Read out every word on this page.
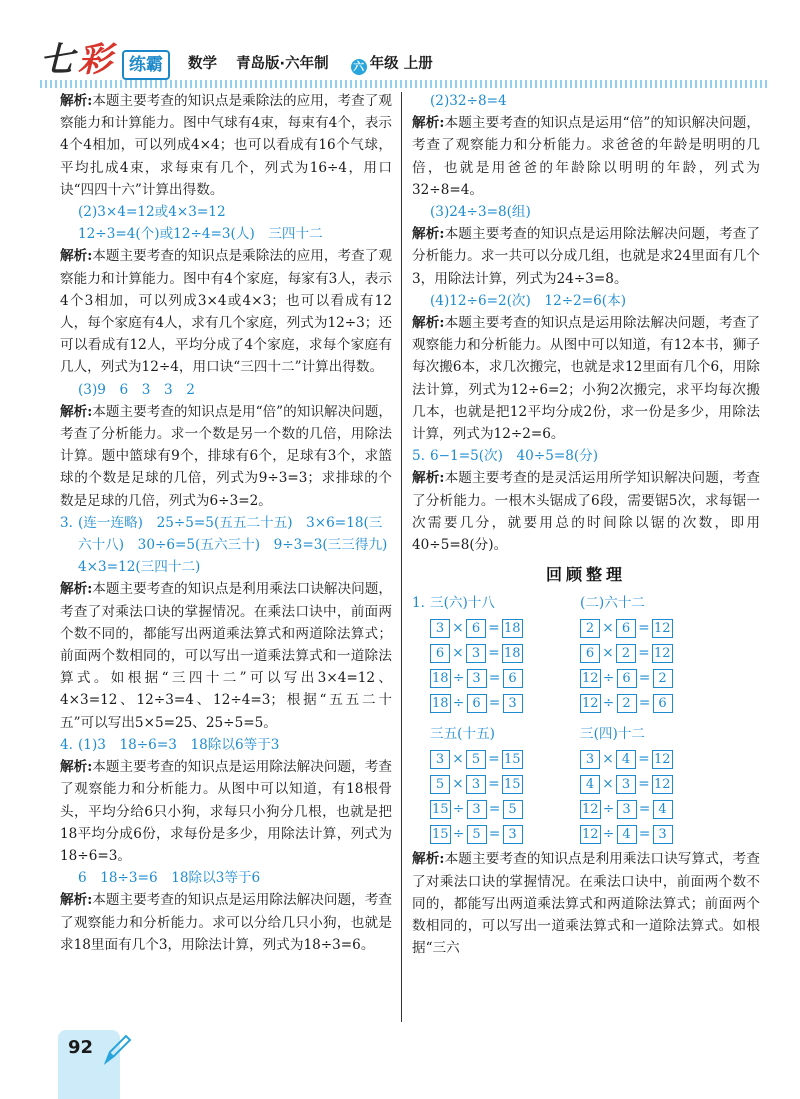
七 彩	练霸	数学 青岛版·六年制 六 年级 上册

解析:本题主要考查的知识点是乘除法的应用，考查了观察能力和计算能力。图中气球有4束，每束有4个，表示4个4相加，可以列成4×4；也可以看成有16个气球，平均扎成4束，求每束有几个，列式为16÷4，用口诀“四四十六”计算出得数。

(2)3×4=12或4×3=12

12÷3=4(个)或12÷4=3(人)　三四十二

解析:本题主要考查的知识点是乘除法的应用，考查了观察能力和计算能力。图中有4个家庭，每家有3人，表示4个3相加，可以列成3×4或4×3；也可以看成有12人，每个家庭有4人，求有几个家庭，列式为12÷3；还可以看成有12人，平均分成了4个家庭，求每个家庭有几人，列式为12÷4，用口诀“三四十二”计算出得数。

(3)9　6　3　3　2

解析:本题主要考查的知识点是用“倍”的知识解决问题，考查了分析能力。求一个数是另一个数的几倍，用除法计算。题中篮球有9个，排球有6个，足球有3个，求篮球的个数是足球的几倍，列式为9÷3=3；求排球的个数是足球的几倍，列式为6÷3=2。

3. (连一连略)　25÷5=5(五五二十五)　3×6=18(三六十八)　30÷6=5(五六三十)　9÷3=3(三三得九)　4×3=12(三四十二)

解析:本题主要考查的知识点是利用乘法口诀解决问题，考查了对乘法口诀的掌握情况。在乘法口诀中，前面两个数不同的，都能写出两道乘法算式和两道除法算式；前面两个数相同的，可以写出一道乘法算式和一道除法算式。如根据“三四十二”可以写出3×4=12、4×3=12、12÷3=4、12÷4=3；根据“五五二十五”可以写出5×5=25、25÷5=5。

4. (1)3　18÷6=3　18除以6等于3

解析:本题主要考查的知识点是运用除法解决问题，考查了观察能力和分析能力。从图中可以知道，有18根骨头，平均分给6只小狗，求每只小狗分几根，也就是把18平均分成6份，求每份是多少，用除法计算，列式为18÷6=3。

6　18÷3=6　18除以3等于6

解析:本题主要考查的知识点是运用除法解决问题，考查了观察能力和分析能力。求可以分给几只小狗，也就是求18里面有几个3，用除法计算，列式为18÷3=6。

(2)32÷8=4

解析:本题主要考查的知识点是运用“倍”的知识解决问题，考查了观察能力和分析能力。求爸爸的年龄是明明的几倍，也就是用爸爸的年龄除以明明的年龄，列式为32÷8=4。

(3)24÷3=8(组)

解析:本题主要考查的知识点是运用除法解决问题，考查了分析能力。求一共可以分成几组，也就是求24里面有几个3，用除法计算，列式为24÷3=8。

(4)12÷6=2(次)　12÷2=6(本)

解析:本题主要考查的知识点是运用除法解决问题，考查了观察能力和分析能力。从图中可以知道，有12本书，狮子每次搬6本，求几次搬完，也就是求12里面有几个6，用除法计算，列式为12÷6=2；小狗2次搬完，求平均每次搬几本，也就是把12平均分成2份，求一份是多少，用除法计算，列式为12÷2=6。

5. 6−1=5(次)　40÷5=8(分)

解析:本题主要考查的是灵活运用所学知识解决问题，考查了分析能力。一根木头锯成了6段，需要锯5次，求每锯一次需要几分，就要用总的时间除以锯的次数，即用40÷5=8(分)。

回顾整理
1. 三(六)十八
3 × 6 = 18
6 × 3 = 18
18 ÷ 3 = 6
18 ÷ 6 = 3
(二)六十二
2 × 6 = 12
6 × 2 = 12
12 ÷ 6 = 2
12 ÷ 2 = 6
三五(十五)
3 × 5 = 15
5 × 3 = 15
15 ÷ 3 = 5
15 ÷ 5 = 3
三(四)十二
3 × 4 = 12
4 × 3 = 12
12 ÷ 3 = 4
12 ÷ 4 = 3

解析:本题主要考查的知识点是利用乘法口诀写算式，考查了对乘法口诀的掌握情况。在乘法口诀中，前面两个数不同的，都能写出两道乘法算式和两道除法算式；前面两个数相同的，可以写出一道乘法算式和一道除法算式。如根据“三六

92
